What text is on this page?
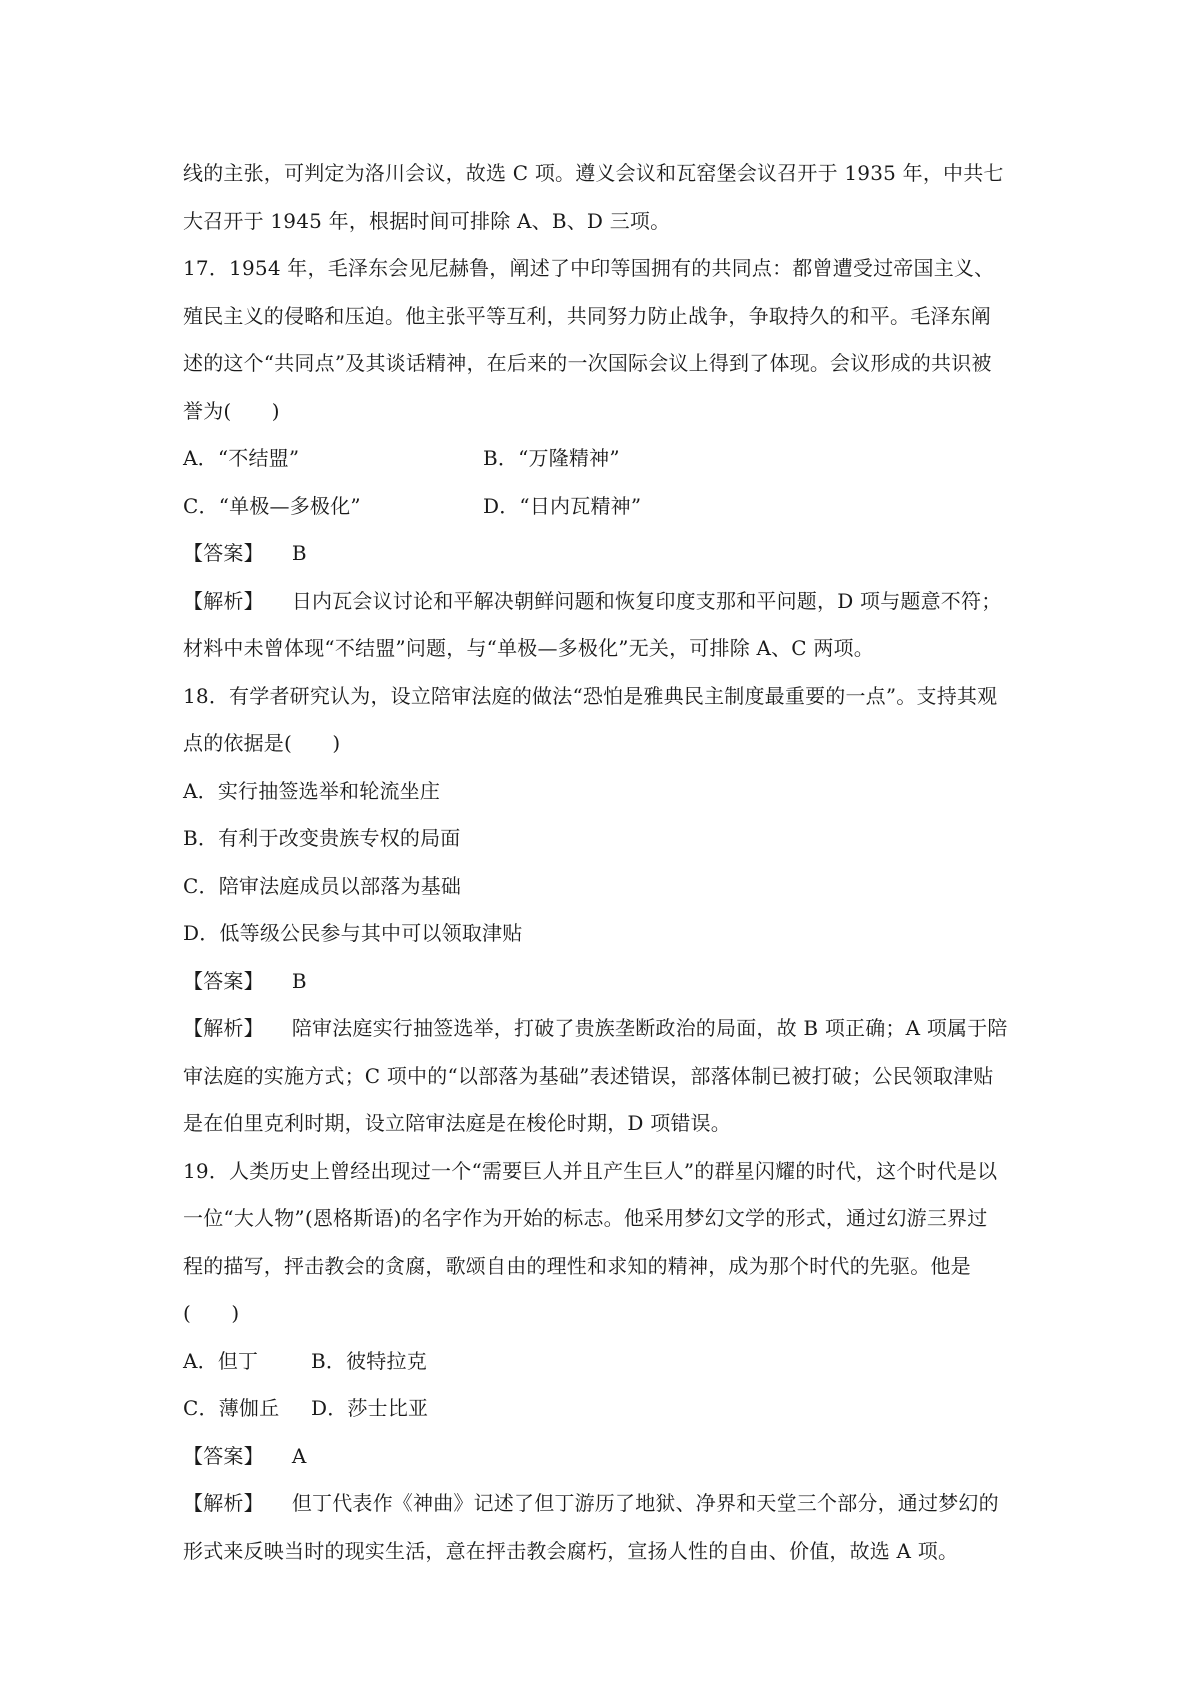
线的主张，可判定为洛川会议，故选 C 项。遵义会议和瓦窑堡会议召开于 1935 年，中共七
大召开于 1945 年，根据时间可排除 A、B、D 三项。
17．1954 年，毛泽东会见尼赫鲁，阐述了中印等国拥有的共同点：都曾遭受过帝国主义、
殖民主义的侵略和压迫。他主张平等互利，共同努力防止战争，争取持久的和平。毛泽东阐
述的这个“共同点”及其谈话精神，在后来的一次国际会议上得到了体现。会议形成的共识被
誉为(　　)
A．“不结盟”	B．“万隆精神”
C．“单极—多极化”	D．“日内瓦精神”
【答案】 B
【解析】 日内瓦会议讨论和平解决朝鲜问题和恢复印度支那和平问题，D 项与题意不符；
材料中未曾体现“不结盟”问题，与“单极—多极化”无关，可排除 A、C 两项。
18．有学者研究认为，设立陪审法庭的做法“恐怕是雅典民主制度最重要的一点”。支持其观
点的依据是(　　)
A．实行抽签选举和轮流坐庄
B．有利于改变贵族专权的局面
C．陪审法庭成员以部落为基础
D．低等级公民参与其中可以领取津贴
【答案】 B
【解析】 陪审法庭实行抽签选举，打破了贵族垄断政治的局面，故 B 项正确；A 项属于陪
审法庭的实施方式；C 项中的“以部落为基础”表述错误，部落体制已被打破；公民领取津贴
是在伯里克利时期，设立陪审法庭是在梭伦时期，D 项错误。
19．人类历史上曾经出现过一个“需要巨人并且产生巨人”的群星闪耀的时代，这个时代是以
一位“大人物”(恩格斯语)的名字作为开始的标志。他采用梦幻文学的形式，通过幻游三界过
程的描写，抨击教会的贪腐，歌颂自由的理性和求知的精神，成为那个时代的先驱。他是
(　　)
A．但丁	B．彼特拉克
C．薄伽丘	D．莎士比亚
【答案】 A
【解析】 但丁代表作《神曲》记述了但丁游历了地狱、净界和天堂三个部分，通过梦幻的
形式来反映当时的现实生活，意在抨击教会腐朽，宣扬人性的自由、价值，故选 A 项。
